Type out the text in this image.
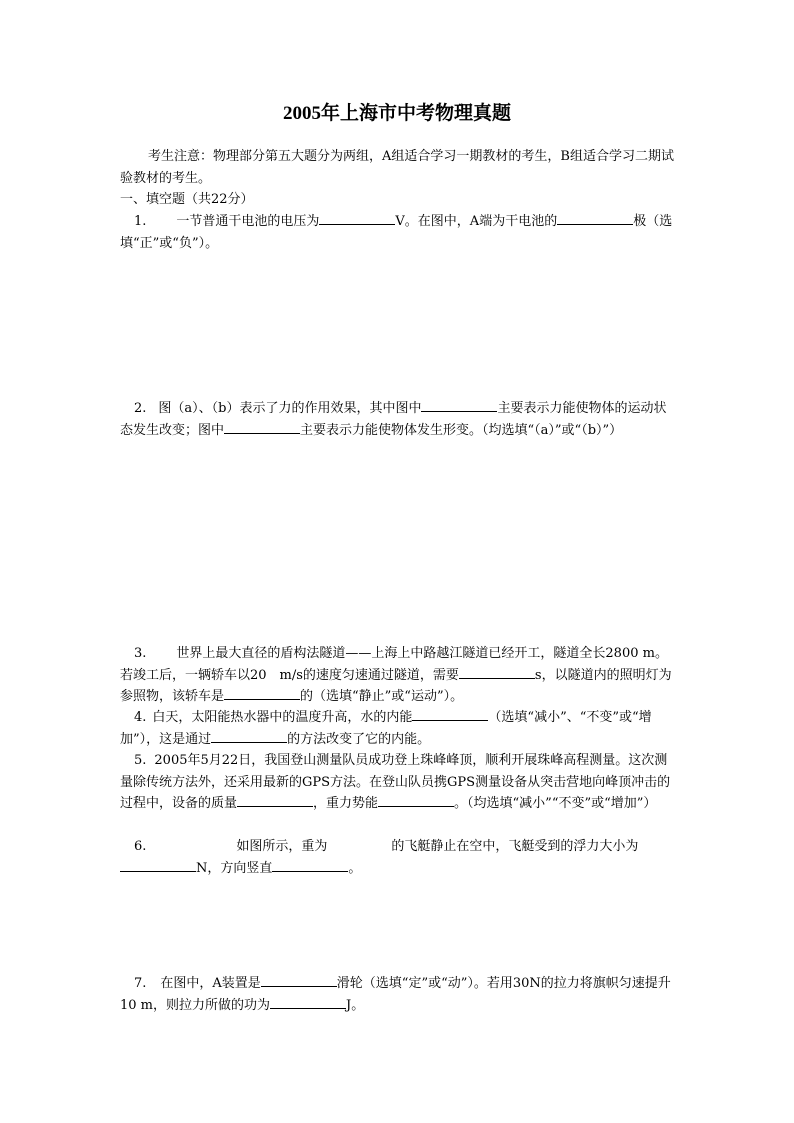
2005年上海市中考物理真题

考生注意：物理部分第五大题分为两组，A组适合学习一期教材的考生，B组适合学习二期试验教材的考生。

一、填空题（共22分）

1. 一节普通干电池的电压为	V。在图中，A端为干电池的	极（选填“正”或“负”）。

2. 图（a）、（b）表示了力的作用效果，其中图中	主要表示力能使物体的运动状态发生改变；图中	主要表示力能使物体发生形变。（均选填“（a）”或“（b）”）

3. 世界上最大直径的盾构法隧道——上海上中路越江隧道已经开工，隧道全长2800 m。若竣工后，一辆轿车以20　m/s的速度匀速通过隧道，需要	s，以隧道内的照明灯为参照物，该轿车是	的（选填“静止”或“运动”）。

4. 白天，太阳能热水器中的温度升高，水的内能	（选填“减小”、“不变”或“增加”），这是通过	的方法改变了它的内能。

5. 2005年5月22日，我国登山测量队员成功登上珠峰峰顶，顺利开展珠峰高程测量。这次测量除传统方法外，还采用最新的GPS方法。在登山队员携GPS测量设备从突击营地向峰顶冲击的过程中，设备的质量	，重力势能	。（均选填“减小”“不变”或“增加”）

6.	如图所示，重为	的飞艇静止在空中，飞艇受到的浮力大小为N，方向竖直	。

7. 在图中，A装置是	滑轮（选填“定”或“动”）。若用30N的拉力将旗帜匀速提升10 m，则拉力所做的功为	J。
